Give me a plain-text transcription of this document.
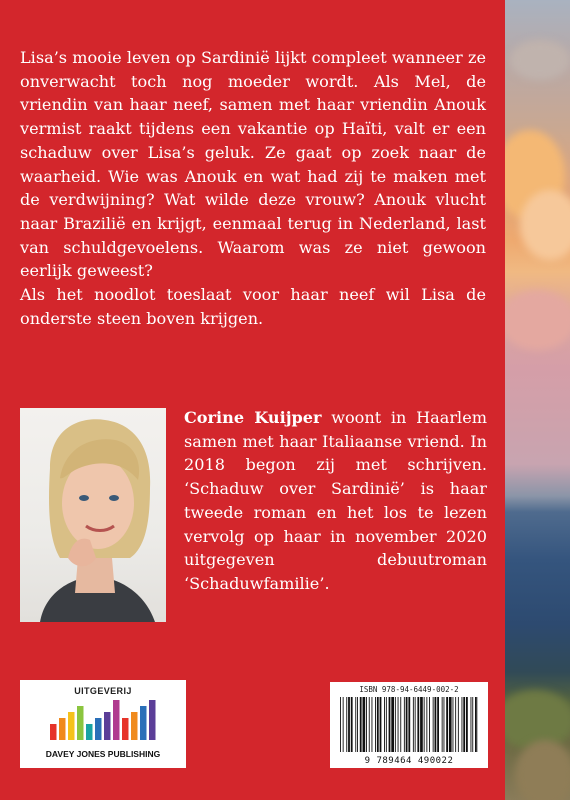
Lisa’s mooie leven op Sardinië lijkt compleet wanneer ze onverwacht toch nog moeder wordt. Als Mel, de vriendin van haar neef, samen met haar vriendin Anouk vermist raakt tijdens een vakantie op Haïti, valt er een schaduw over Lisa’s geluk. Ze gaat op zoek naar de waarheid. Wie was Anouk en wat had zij te maken met de verdwijning? Wat wilde deze vrouw? Anouk vlucht naar Brazilië en krijgt, eenmaal terug in Nederland, last van schuldgevoelens. Waarom was ze niet gewoon eerlijk geweest?

Als het noodlot toeslaat voor haar neef wil Lisa de onderste steen boven krijgen.

Corine Kuijper woont in Haarlem samen met haar Italiaanse vriend. In 2018 begon zij met schrijven. ‘Schaduw over Sardinië’ is haar tweede roman en het los te lezen vervolg op haar in november 2020 uitgegeven debuutroman ‘Schaduwfamilie’.
UITGEVERIJ
DAVEY JONES PUBLISHING
ISBN 978-94-6449-002-2
9 789464 490022
